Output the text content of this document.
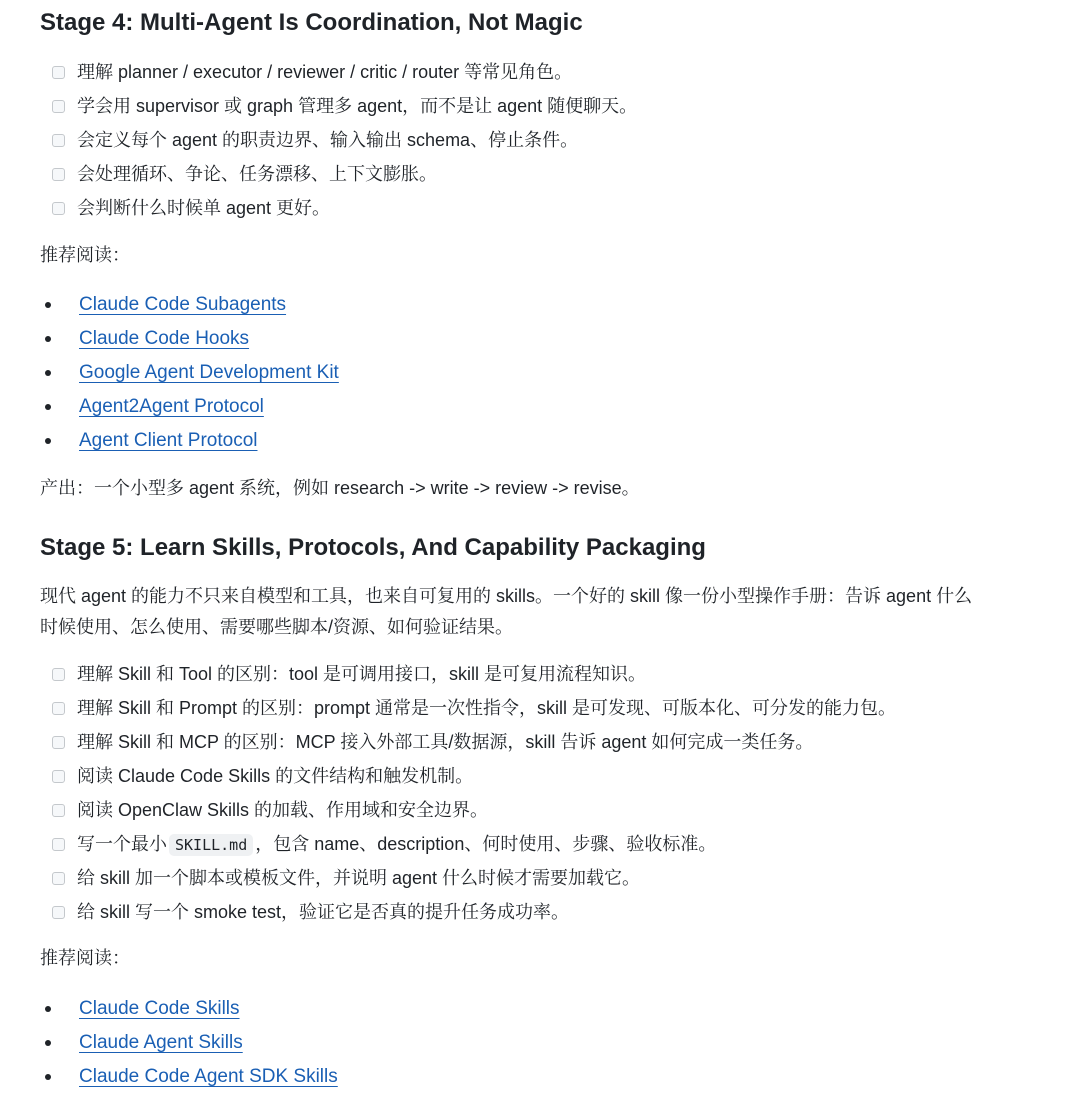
Stage 4: Multi-Agent Is Coordination, Not Magic
理解 planner / executor / reviewer / critic / router 等常见角色。
学会用 supervisor 或 graph 管理多 agent，而不是让 agent 随便聊天。
会定义每个 agent 的职责边界、输入输出 schema、停止条件。
会处理循环、争论、任务漂移、上下文膨胀。
会判断什么时候单 agent 更好。

推荐阅读：

Claude Code Subagents
Claude Code Hooks
Google Agent Development Kit
Agent2Agent Protocol
Agent Client Protocol

产出：一个小型多 agent 系统，例如 research -> write -> review -> revise。

Stage 5: Learn Skills, Protocols, And Capability Packaging

现代 agent 的能力不只来自模型和工具，也来自可复用的 skills。一个好的 skill 像一份小型操作手册：告诉 agent 什么
时候使用、怎么使用、需要哪些脚本/资源、如何验证结果。

理解 Skill 和 Tool 的区别：tool 是可调用接口，skill 是可复用流程知识。
理解 Skill 和 Prompt 的区别：prompt 通常是一次性指令，skill 是可发现、可版本化、可分发的能力包。
理解 Skill 和 MCP 的区别：MCP 接入外部工具/数据源，skill 告诉 agent 如何完成一类任务。
阅读 Claude Code Skills 的文件结构和触发机制。
阅读 OpenClaw Skills 的加载、作用域和安全边界。
写一个最小 SKILL.md ，包含 name、description、何时使用、步骤、验收标准。
给 skill 加一个脚本或模板文件，并说明 agent 什么时候才需要加载它。
给 skill 写一个 smoke test，验证它是否真的提升任务成功率。

推荐阅读：

Claude Code Skills
Claude Agent Skills
Claude Code Agent SDK Skills
